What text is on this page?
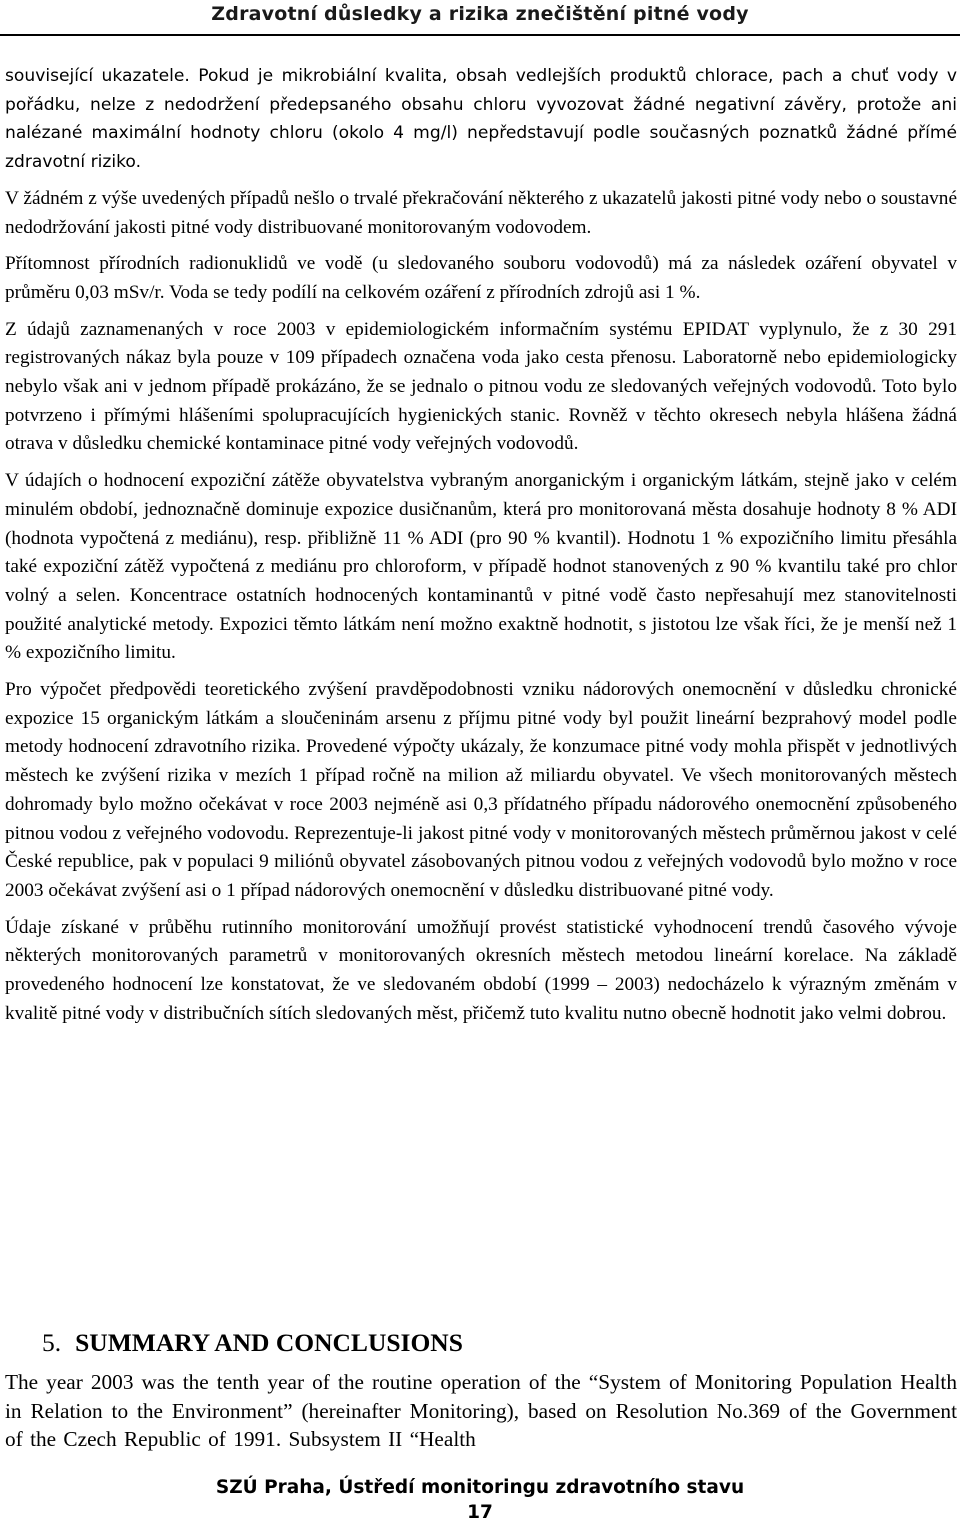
Zdravotní důsledky a rizika znečištění pitné vody

související ukazatele. Pokud je mikrobiální kvalita, obsah vedlejších produktů chlorace, pach a chuť vody v pořádku, nelze z nedodržení předepsaného obsahu chloru vyvozovat žádné negativní závěry, protože ani nalézané maximální hodnoty chloru (okolo 4 mg/l) nepředstavují podle současných poznatků žádné přímé zdravotní riziko.

V žádném z výše uvedených případů nešlo o trvalé překračování některého z ukazatelů jakosti pitné vody nebo o soustavné nedodržování jakosti pitné vody distribuované monitorovaným vodovodem.

Přítomnost přírodních radionuklidů ve vodě (u sledovaného souboru vodovodů) má za následek ozáření obyvatel v průměru 0,03 mSv/r. Voda se tedy podílí na celkovém ozáření z přírodních zdrojů asi 1 %.

Z údajů zaznamenaných v roce 2003 v epidemiologickém informačním systému EPIDAT vyplynulo, že z 30 291 registrovaných nákaz byla pouze v 109 případech označena voda jako cesta přenosu. Laboratorně nebo epidemiologicky nebylo však ani v jednom případě prokázáno, že se jednalo o pitnou vodu ze sledovaných veřejných vodovodů. Toto bylo potvrzeno i přímými hlášeními spolupracujících hygienických stanic. Rovněž v těchto okresech nebyla hlášena žádná otrava v důsledku chemické kontaminace pitné vody veřejných vodovodů.

V údajích o hodnocení expoziční zátěže obyvatelstva vybraným anorganickým i organickým látkám, stejně jako v celém minulém období, jednoznačně dominuje expozice dusičnanům, která pro monitorovaná města dosahuje hodnoty 8 % ADI (hodnota vypočtená z mediánu), resp. přibližně 11 % ADI (pro 90 % kvantil). Hodnotu 1 % expozičního limitu přesáhla také expoziční zátěž vypočtená z mediánu pro chloroform, v případě hodnot stanovených z 90 % kvantilu také pro chlor volný a selen. Koncentrace ostatních hodnocených kontaminantů v pitné vodě často nepřesahují mez stanovitelnosti použité analytické metody. Expozici těmto látkám není možno exaktně hodnotit, s jistotou lze však říci, že je menší než 1 % expozičního limitu.

Pro výpočet předpovědi teoretického zvýšení pravděpodobnosti vzniku nádorových onemocnění v důsledku chronické expozice 15 organickým látkám a sloučeninám arsenu z příjmu pitné vody byl použit lineární bezprahový model podle metody hodnocení zdravotního rizika. Provedené výpočty ukázaly, že konzumace pitné vody mohla přispět v jednotlivých městech ke zvýšení rizika v mezích 1 případ ročně na milion až miliardu obyvatel. Ve všech monitorovaných městech dohromady bylo možno očekávat v roce 2003 nejméně asi 0,3 přídatného případu nádorového onemocnění způsobeného pitnou vodou z veřejného vodovodu. Reprezentuje-li jakost pitné vody v monitorovaných městech průměrnou jakost v celé České republice, pak v populaci 9 miliónů obyvatel zásobovaných pitnou vodou z veřejných vodovodů bylo možno v roce 2003 očekávat zvýšení asi o 1 případ nádorových onemocnění v důsledku distribuované pitné vody.

Údaje získané v průběhu rutinního monitorování umožňují provést statistické vyhodnocení trendů časového vývoje některých monitorovaných parametrů v monitorovaných okresních městech metodou lineární korelace. Na základě provedeného hodnocení lze konstatovat, že ve sledovaném období (1999 – 2003) nedocházelo k výrazným změnám v kvalitě pitné vody v distribučních sítích sledovaných měst, přičemž tuto kvalitu nutno obecně hodnotit jako velmi dobrou.

5. SUMMARY AND CONCLUSIONS

The year 2003 was the tenth year of the routine operation of the “System of Monitoring Population Health in Relation to the Environment” (hereinafter Monitoring), based on Resolution No.369 of the Government of the Czech Republic of 1991. Subsystem II “Health

SZÚ Praha, Ústředí monitoringu zdravotního stavu
17
